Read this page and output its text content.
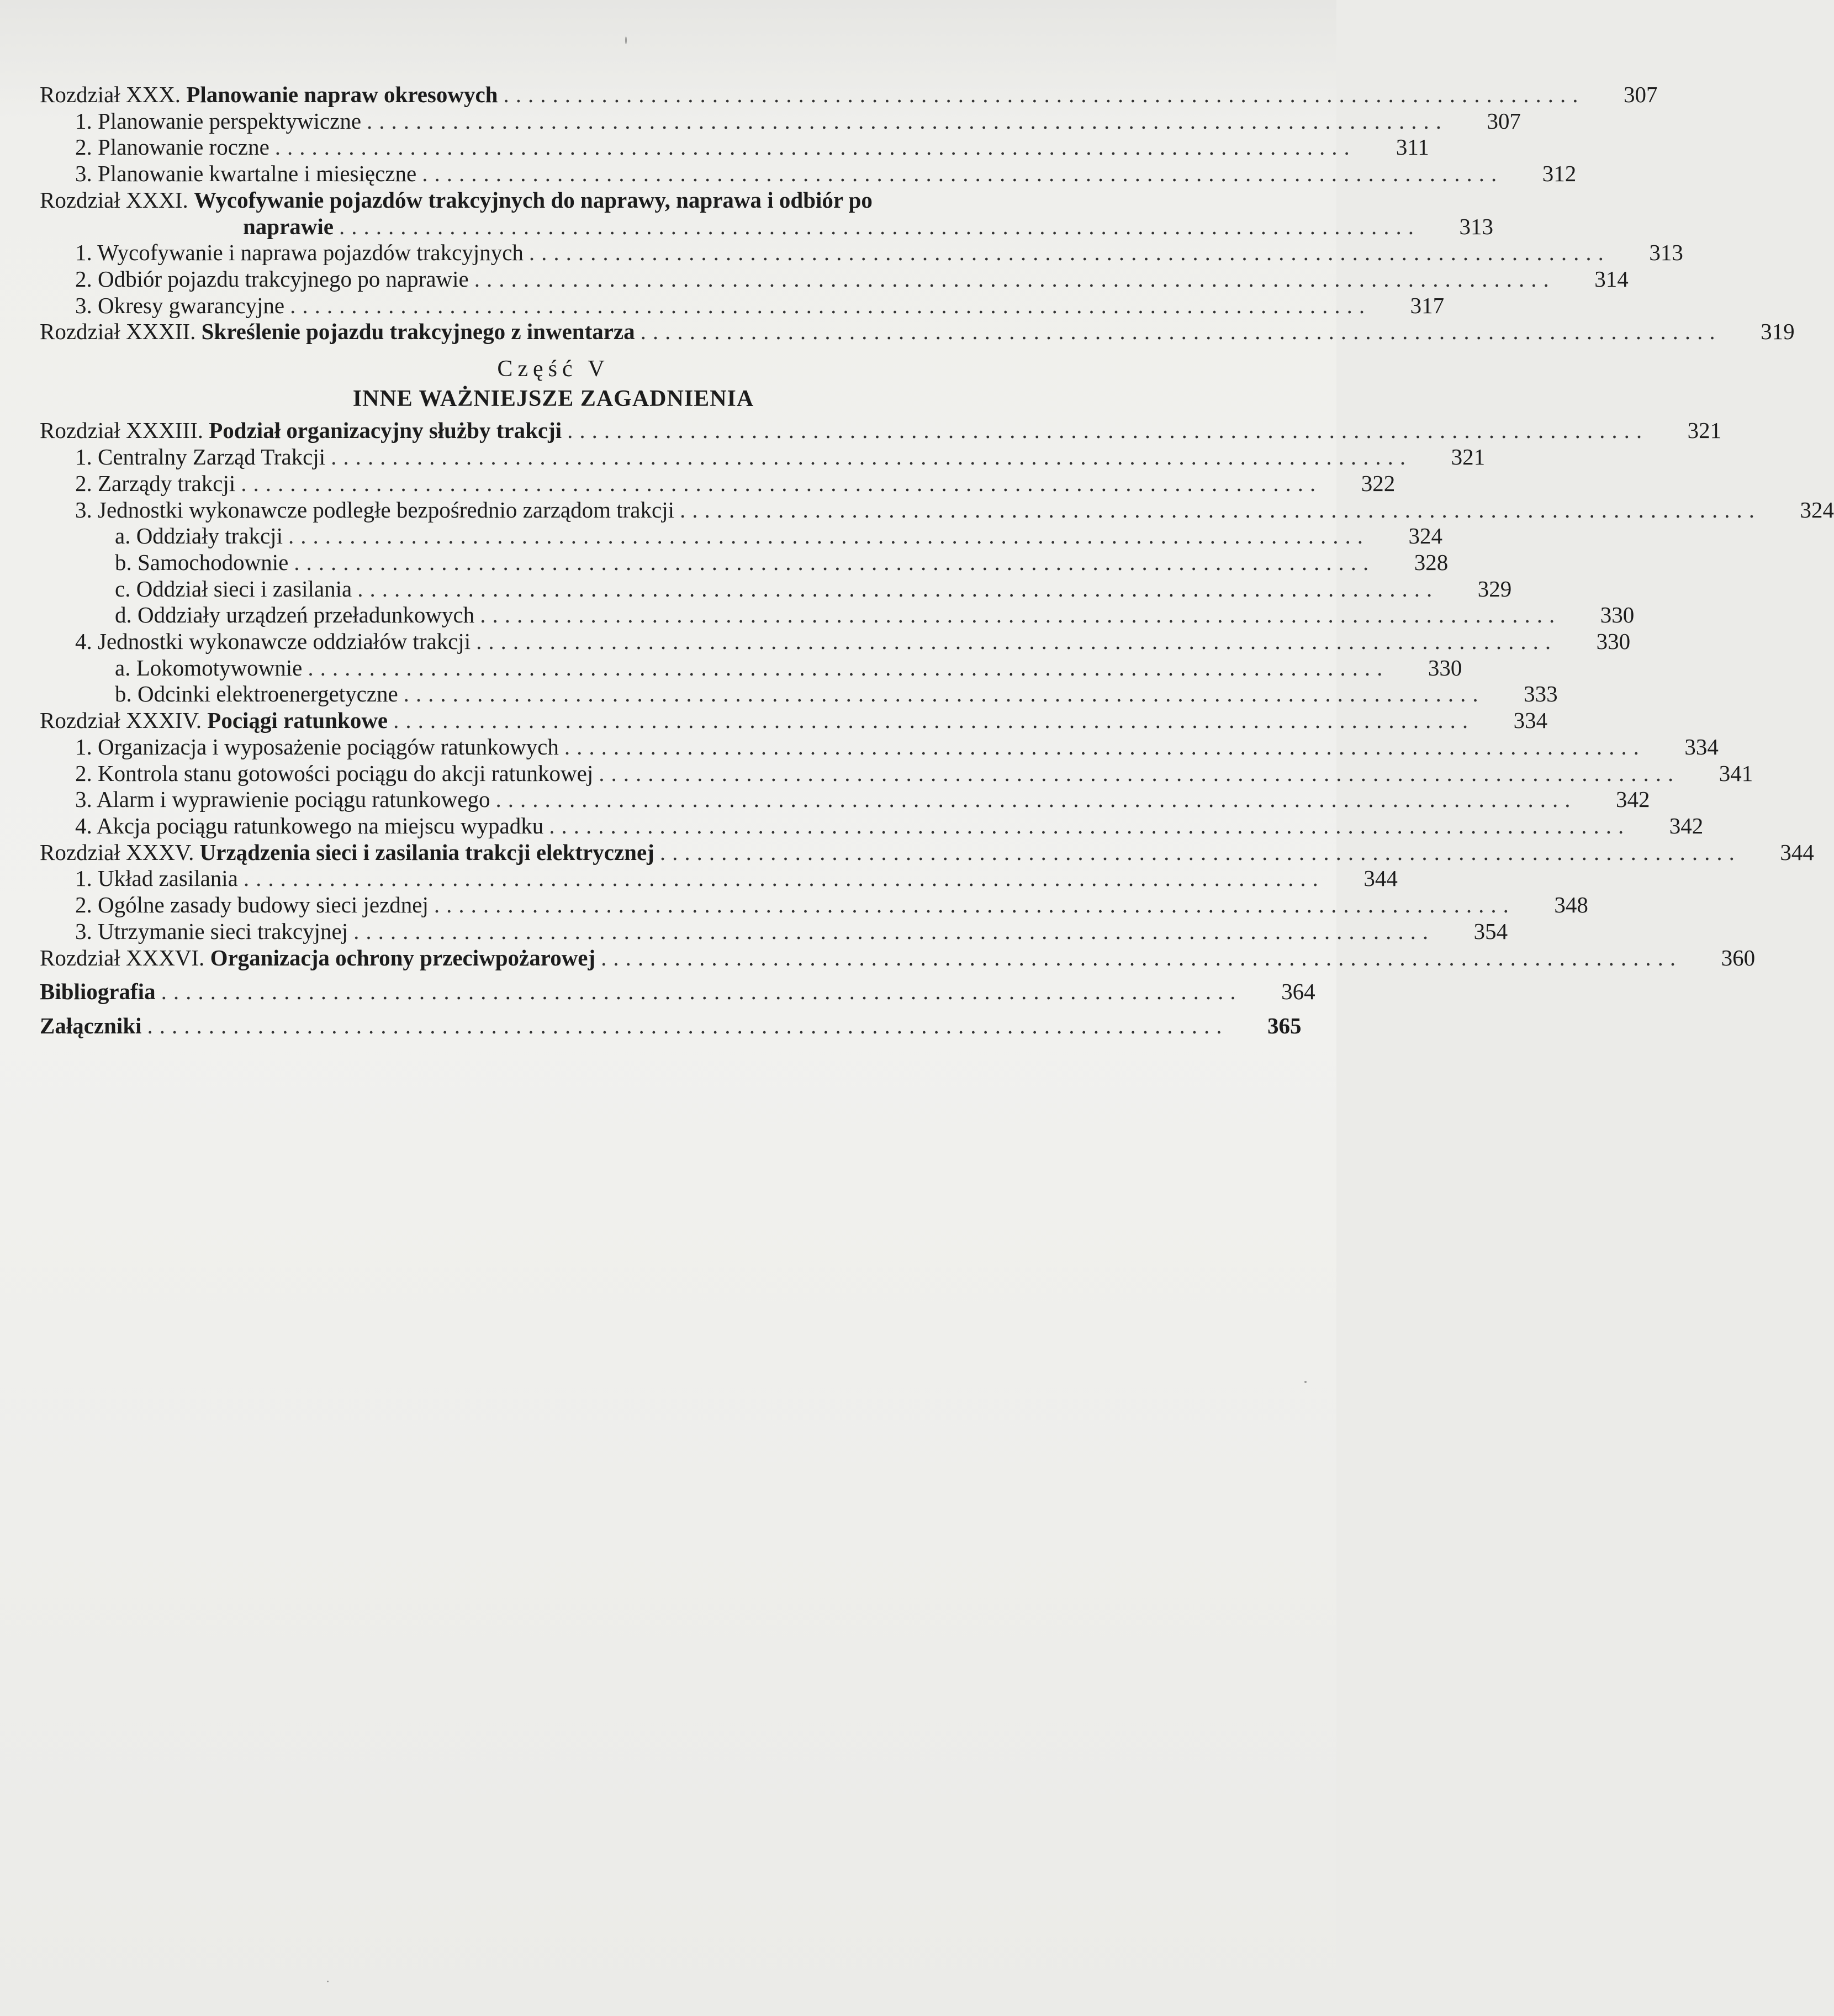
Rozdział XXX. Planowanie napraw okresowych ........................................................................................	307
1. Planowanie perspektywiczne ........................................................................................	307
2. Planowanie roczne ........................................................................................	311
3. Planowanie kwartalne i miesięczne ........................................................................................	312
Rozdział XXXI. Wycofywanie pojazdów trakcyjnych do naprawy, naprawa i odbiór po
naprawie ........................................................................................	313
1. Wycofywanie i naprawa pojazdów trakcyjnych ........................................................................................	313
2. Odbiór pojazdu trakcyjnego po naprawie ........................................................................................	314
3. Okresy gwarancyjne ........................................................................................	317
Rozdział XXXII. Skreślenie pojazdu trakcyjnego z inwentarza ........................................................................................	319
Część V
INNE WAŻNIEJSZE ZAGADNIENIA
Rozdział XXXIII. Podział organizacyjny służby trakcji ........................................................................................	321
1. Centralny Zarząd Trakcji ........................................................................................	321
2. Zarządy trakcji ........................................................................................	322
3. Jednostki wykonawcze podległe bezpośrednio zarządom trakcji ........................................................................................	324
a. Oddziały trakcji ........................................................................................	324
b. Samochodownie ........................................................................................	328
c. Oddział sieci i zasilania ........................................................................................	329
d. Oddziały urządzeń przeładunkowych ........................................................................................	330
4. Jednostki wykonawcze oddziałów trakcji ........................................................................................	330
a. Lokomotywownie ........................................................................................	330
b. Odcinki elektroenergetyczne ........................................................................................	333
Rozdział XXXIV. Pociągi ratunkowe ........................................................................................	334
1. Organizacja i wyposażenie pociągów ratunkowych ........................................................................................	334
2. Kontrola stanu gotowości pociągu do akcji ratunkowej ........................................................................................	341
3. Alarm i wyprawienie pociągu ratunkowego ........................................................................................	342
4. Akcja pociągu ratunkowego na miejscu wypadku ........................................................................................	342
Rozdział XXXV. Urządzenia sieci i zasilania trakcji elektrycznej ........................................................................................	344
1. Układ zasilania ........................................................................................	344
2. Ogólne zasady budowy sieci jezdnej ........................................................................................	348
3. Utrzymanie sieci trakcyjnej ........................................................................................	354
Rozdział XXXVI. Organizacja ochrony przeciwpożarowej ........................................................................................	360
Bibliografia ........................................................................................	364
Załączniki ........................................................................................	365
